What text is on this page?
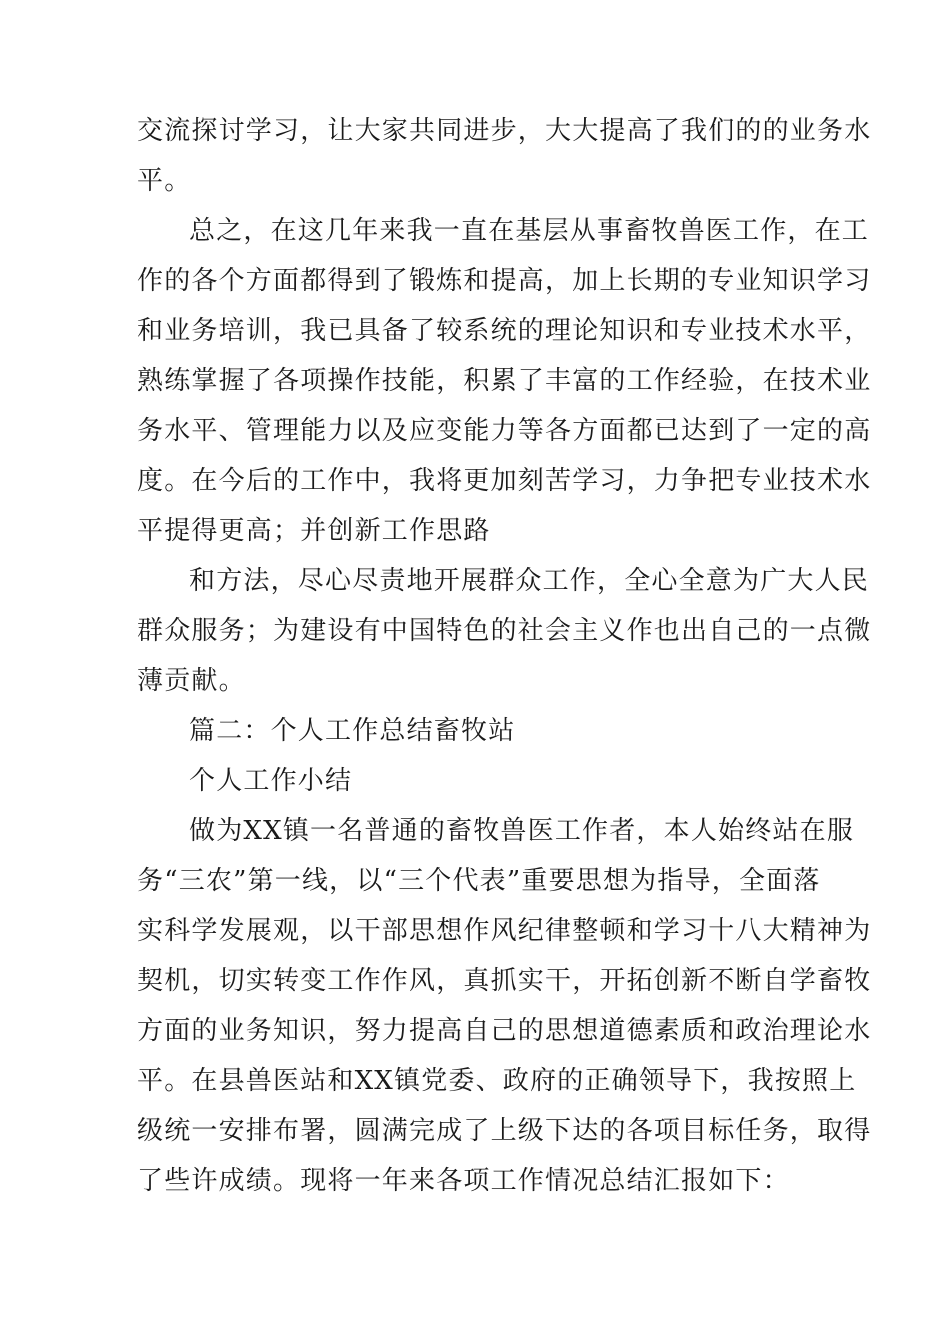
交流探讨学习，让大家共同进步，大大提高了我们的的业务水

平。

总之，在这几年来我一直在基层从事畜牧兽医工作，在工

作的各个方面都得到了锻炼和提高，加上长期的专业知识学习

和业务培训，我已具备了较系统的理论知识和专业技术水平，

熟练掌握了各项操作技能，积累了丰富的工作经验，在技术业

务水平、管理能力以及应变能力等各方面都已达到了一定的高

度。在今后的工作中，我将更加刻苦学习，力争把专业技术水

平提得更高；并创新工作思路

和方法，尽心尽责地开展群众工作，全心全意为广大人民

群众服务；为建设有中国特色的社会主义作也出自己的一点微

薄贡献。

篇二：个人工作总结畜牧站

个人工作小结

做为XX镇一名普通的畜牧兽医工作者，本人始终站在服

务“三农”第一线，以“三个代表”重要思想为指导，全面落

实科学发展观，以干部思想作风纪律整顿和学习十八大精神为

契机，切实转变工作作风，真抓实干，开拓创新不断自学畜牧

方面的业务知识，努力提高自己的思想道德素质和政治理论水

平。在县兽医站和XX镇党委、政府的正确领导下，我按照上

级统一安排布署，圆满完成了上级下达的各项目标任务，取得

了些许成绩。现将一年来各项工作情况总结汇报如下：
